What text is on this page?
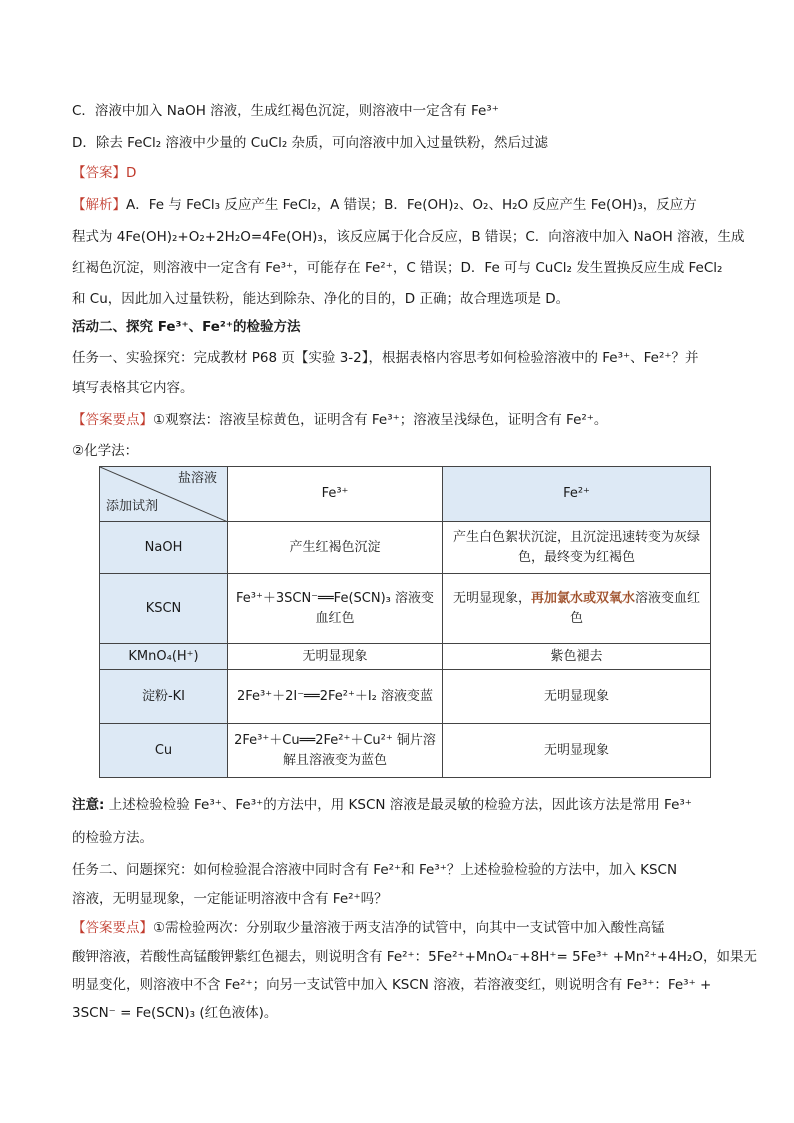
C．溶液中加入 NaOH 溶液，生成红褐色沉淀，则溶液中一定含有 Fe³⁺
D．除去 FeCl₂ 溶液中少量的 CuCl₂ 杂质，可向溶液中加入过量铁粉，然后过滤
【答案】D
【解析】A．Fe 与 FeCl₃ 反应产生 FeCl₂，A 错误；B．Fe(OH)₂、O₂、H₂O 反应产生 Fe(OH)₃，反应方
程式为 4Fe(OH)₂+O₂+2H₂O=4Fe(OH)₃，该反应属于化合反应，B 错误；C．向溶液中加入 NaOH 溶液，生成
红褐色沉淀，则溶液中一定含有 Fe³⁺，可能存在 Fe²⁺，C 错误；D．Fe 可与 CuCl₂ 发生置换反应生成 FeCl₂
和 Cu，因此加入过量铁粉，能达到除杂、净化的目的，D 正确；故合理选项是 D。
活动二、探究 Fe³⁺、Fe²⁺的检验方法
任务一、实验探究：完成教材 P68 页【实验 3-2】，根据表格内容思考如何检验溶液中的 Fe³⁺、Fe²⁺？并
填写表格其它内容。
【答案要点】①观察法：溶液呈棕黄色，证明含有 Fe³⁺；溶液呈浅绿色，证明含有 Fe²⁺。
②化学法：
盐溶液
添加试剂	Fe³⁺	Fe²⁺
NaOH	产生红褐色沉淀	产生白色絮状沉淀，且沉淀迅速转变为灰绿色，最终变为红褐色
KSCN	Fe³⁺＋3SCN⁻══Fe(SCN)₃ 溶液变血红色	无明显现象，再加氯水或双氧水溶液变血红色
KMnO₄(H⁺)	无明显现象	紫色褪去
淀粉-KI	2Fe³⁺＋2I⁻══2Fe²⁺＋I₂ 溶液变蓝	无明显现象
Cu	2Fe³⁺＋Cu══2Fe²⁺＋Cu²⁺ 铜片溶解且溶液变为蓝色	无明显现象
注意: 上述检验检验 Fe³⁺、Fe³⁺的方法中，用 KSCN 溶液是最灵敏的检验方法，因此该方法是常用 Fe³⁺
的检验方法。
任务二、问题探究：如何检验混合溶液中同时含有 Fe²⁺和 Fe³⁺？上述检验检验的方法中，加入 KSCN
溶液，无明显现象，一定能证明溶液中含有 Fe²⁺吗？
【答案要点】①需检验两次：分别取少量溶液于两支洁净的试管中，向其中一支试管中加入酸性高锰
酸钾溶液，若酸性高锰酸钾紫红色褪去，则说明含有 Fe²⁺：5Fe²⁺+MnO₄⁻+8H⁺= 5Fe³⁺ +Mn²⁺+4H₂O，如果无
明显变化，则溶液中不含 Fe²⁺；向另一支试管中加入 KSCN 溶液，若溶液变红，则说明含有 Fe³⁺：Fe³⁺ +
3SCN⁻ = Fe(SCN)₃ (红色液体)。
